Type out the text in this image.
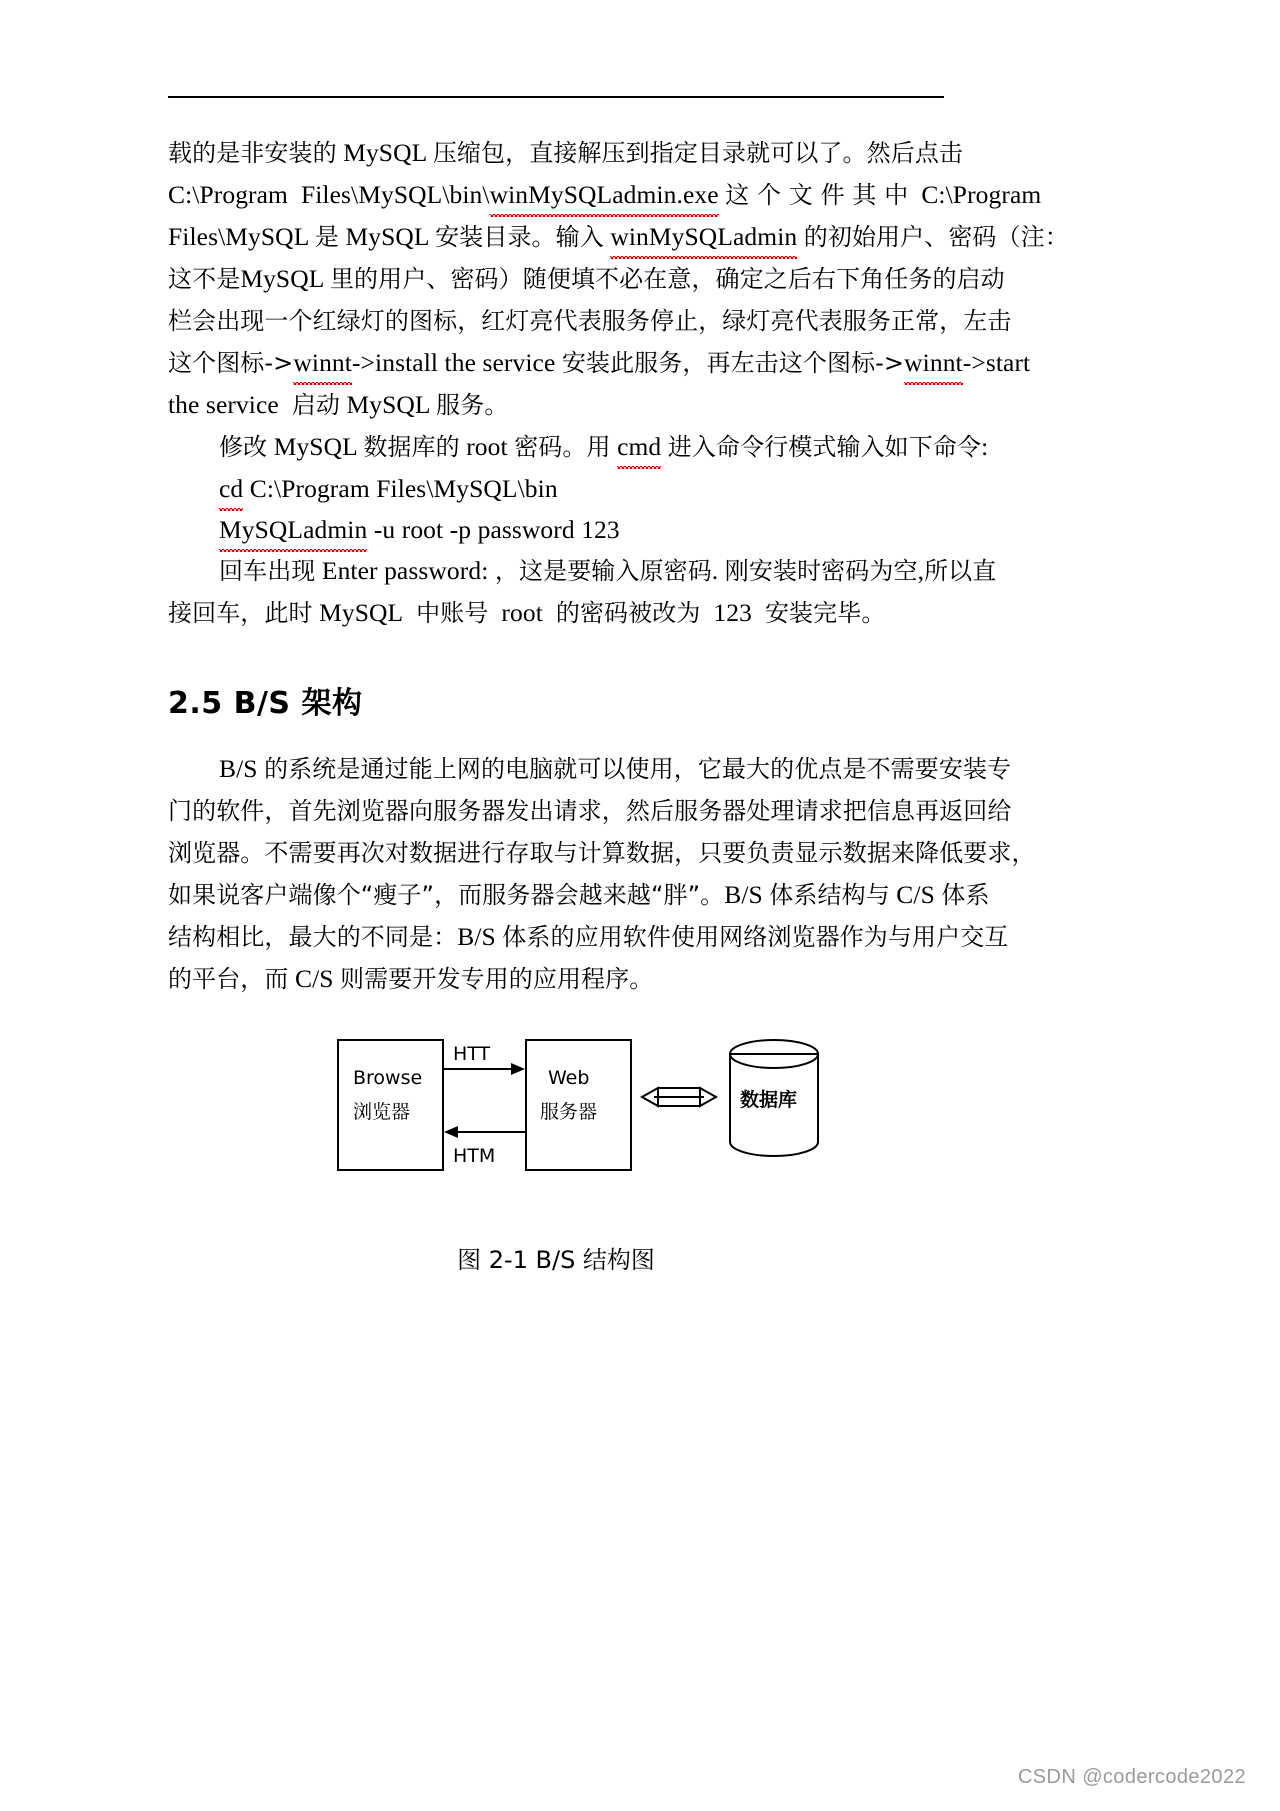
载的是非安装的 MySQL 压缩包，直接解压到指定目录就可以了。然后点击
C:\Program  Files\MySQL\bin\winMySQLadmin.exe 这 个 文 件 其 中 C:\Program
Files\MySQL 是 MySQL 安装目录。输入 winMySQLadmin 的初始用户、密码（注：
这不是MySQL 里的用户、密码）随便填不必在意，确定之后右下角任务的启动
栏会出现一个红绿灯的图标，红灯亮代表服务停止，绿灯亮代表服务正常，左击
这个图标->winnt->install the service 安装此服务，再左击这个图标->winnt->start
the service 启动 MySQL 服务。
修改 MySQL 数据库的 root 密码。用 cmd 进入命令行模式输入如下命令:
cd C:\Program Files\MySQL\bin
MySQLadmin -u root -p password 123
回车出现 Enter password: ，这是要输入原密码. 刚安装时密码为空,所以直
接回车，此时 MySQL 中账号 root 的密码被改为 123 安装完毕。
2.5 B/S 架构
B/S 的系统是通过能上网的电脑就可以使用，它最大的优点是不需要安装专
门的软件，首先浏览器向服务器发出请求，然后服务器处理请求把信息再返回给
浏览器。不需要再次对数据进行存取与计算数据，只要负责显示数据来降低要求，
如果说客户端像个“瘦子”，而服务器会越来越“胖”。B/S 体系结构与 C/S 体系
结构相比，最大的不同是：B/S 体系的应用软件使用网络浏览器作为与用户交互
的平台，而 C/S 则需要开发专用的应用程序。
Browse
浏览器
Web
服务器
HTT
HTM
数据库
图 2-1 B/S 结构图
CSDN @codercode2022
